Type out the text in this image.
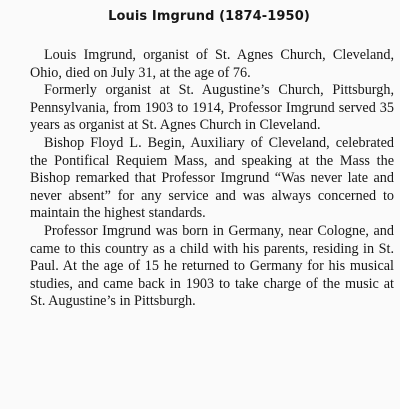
Louis Imgrund (1874-1950)

Louis Imgrund, organist of St. Agnes Church, Cleveland, Ohio, died on July 31, at the age of 76.

Formerly organist at St. Augustine’s Church, Pittsburgh, Pennsylvania, from 1903 to 1914, Professor Imgrund served 35 years as organist at St. Agnes Church in Cleveland.

Bishop Floyd L. Begin, Auxiliary of Cleveland, celebrated the Pontifical Requiem Mass, and speaking at the Mass the Bishop remarked that Professor Imgrund “Was never late and never absent” for any service and was always concerned to maintain the highest standards.

Professor Imgrund was born in Germany, near Cologne, and came to this country as a child with his parents, residing in St. Paul. At the age of 15 he returned to Germany for his musical studies, and came back in 1903 to take charge of the music at St. Augustine’s in Pittsburgh.
